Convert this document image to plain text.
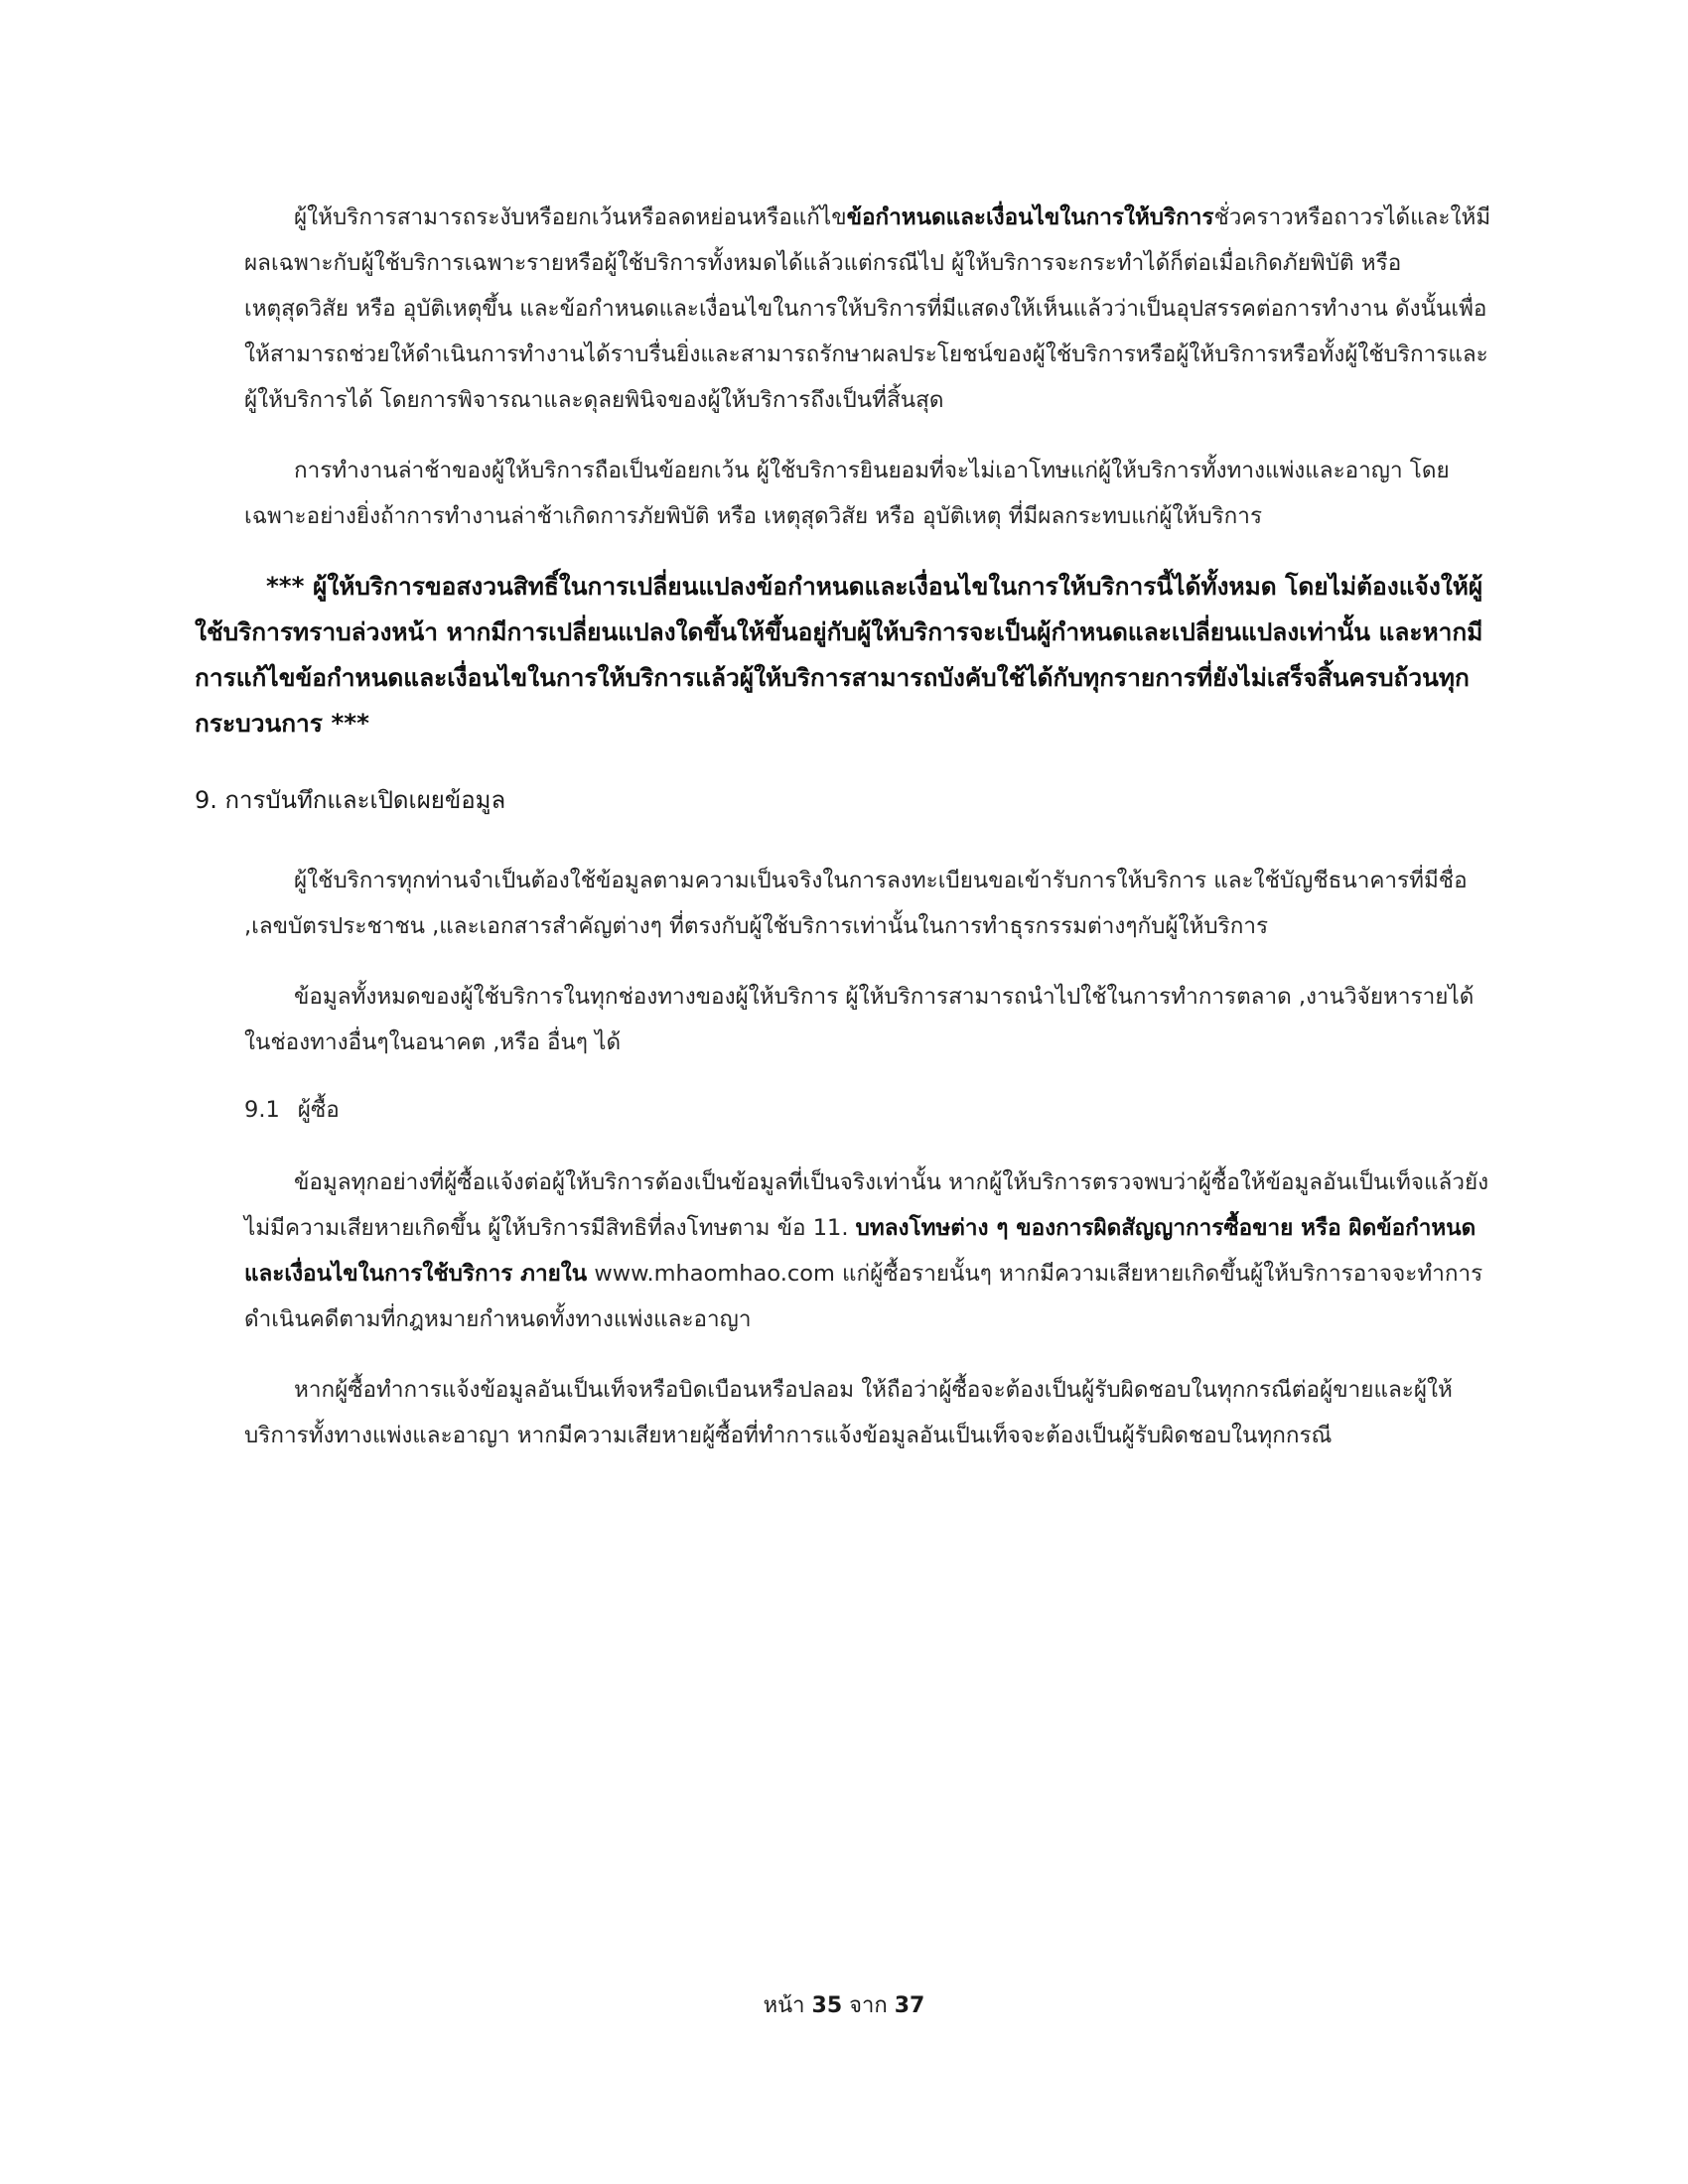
ผู้ให้บริการสามารถระงับหรือยกเว้นหรือลดหย่อนหรือแก้ไขข้อกำหนดและเงื่อนไขในการให้บริการชั่วคราวหรือถาวรได้และให้มีผลเฉพาะกับผู้ใช้บริการเฉพาะรายหรือผู้ใช้บริการทั้งหมดได้แล้วแต่กรณีไป ผู้ให้บริการจะกระทำได้ก็ต่อเมื่อเกิดภัยพิบัติ หรือ เหตุสุดวิสัย หรือ อุบัติเหตุขึ้น และข้อกำหนดและเงื่อนไขในการให้บริการที่มีแสดงให้เห็นแล้วว่าเป็นอุปสรรคต่อการทำงาน ดังนั้นเพื่อให้สามารถช่วยให้ดำเนินการทำงานได้ราบรื่นยิ่งและสามารถรักษาผลประโยชน์ของผู้ใช้บริการหรือผู้ให้บริการหรือทั้งผู้ใช้บริการและผู้ให้บริการได้ โดยการพิจารณาและดุลยพินิจของผู้ให้บริการถึงเป็นที่สิ้นสุด

การทำงานล่าช้าของผู้ให้บริการถือเป็นข้อยกเว้น ผู้ใช้บริการยินยอมที่จะไม่เอาโทษแก่ผู้ให้บริการทั้งทางแพ่งและอาญา โดยเฉพาะอย่างยิ่งถ้าการทำงานล่าช้าเกิดการภัยพิบัติ หรือ เหตุสุดวิสัย หรือ อุบัติเหตุ ที่มีผลกระทบแก่ผู้ให้บริการ

*** ผู้ให้บริการขอสงวนสิทธิ์ในการเปลี่ยนแปลงข้อกำหนดและเงื่อนไขในการให้บริการนี้ได้ทั้งหมด โดยไม่ต้องแจ้งให้ผู้ใช้บริการทราบล่วงหน้า หากมีการเปลี่ยนแปลงใดขึ้นให้ขึ้นอยู่กับผู้ให้บริการจะเป็นผู้กำหนดและเปลี่ยนแปลงเท่านั้น และหากมีการแก้ไขข้อกำหนดและเงื่อนไขในการให้บริการแล้วผู้ให้บริการสามารถบังคับใช้ได้กับทุกรายการที่ยังไม่เสร็จสิ้นครบถ้วนทุกกระบวนการ ***

9. การบันทึกและเปิดเผยข้อมูล

ผู้ใช้บริการทุกท่านจำเป็นต้องใช้ข้อมูลตามความเป็นจริงในการลงทะเบียนขอเข้ารับการให้บริการ และใช้บัญชีธนาคารที่มีชื่อ ,เลขบัตรประชาชน ,และเอกสารสำคัญต่างๆ ที่ตรงกับผู้ใช้บริการเท่านั้นในการทำธุรกรรมต่างๆกับผู้ให้บริการ

ข้อมูลทั้งหมดของผู้ใช้บริการในทุกช่องทางของผู้ให้บริการ ผู้ให้บริการสามารถนำไปใช้ในการทำการตลาด ,งานวิจัยหารายได้ในช่องทางอื่นๆในอนาคต ,หรือ อื่นๆ ได้

9.1 ผู้ซื้อ

ข้อมูลทุกอย่างที่ผู้ซื้อแจ้งต่อผู้ให้บริการต้องเป็นข้อมูลที่เป็นจริงเท่านั้น หากผู้ให้บริการตรวจพบว่าผู้ซื้อให้ข้อมูลอันเป็นเท็จแล้วยังไม่มีความเสียหายเกิดขึ้น ผู้ให้บริการมีสิทธิที่ลงโทษตาม ข้อ 11. บทลงโทษต่าง ๆ ของการผิดสัญญาการซื้อขาย หรือ ผิดข้อกำหนดและเงื่อนไขในการใช้บริการ ภายใน www.mhaomhao.com แก่ผู้ซื้อรายนั้นๆ หากมีความเสียหายเกิดขึ้นผู้ให้บริการอาจจะทำการดำเนินคดีตามที่กฎหมายกำหนดทั้งทางแพ่งและอาญา

หากผู้ซื้อทำการแจ้งข้อมูลอันเป็นเท็จหรือบิดเบือนหรือปลอม ให้ถือว่าผู้ซื้อจะต้องเป็นผู้รับผิดชอบในทุกกรณีต่อผู้ขายและผู้ให้บริการทั้งทางแพ่งและอาญา หากมีความเสียหายผู้ซื้อที่ทำการแจ้งข้อมูลอันเป็นเท็จจะต้องเป็นผู้รับผิดชอบในทุกกรณี

หน้า 35 จาก 37
